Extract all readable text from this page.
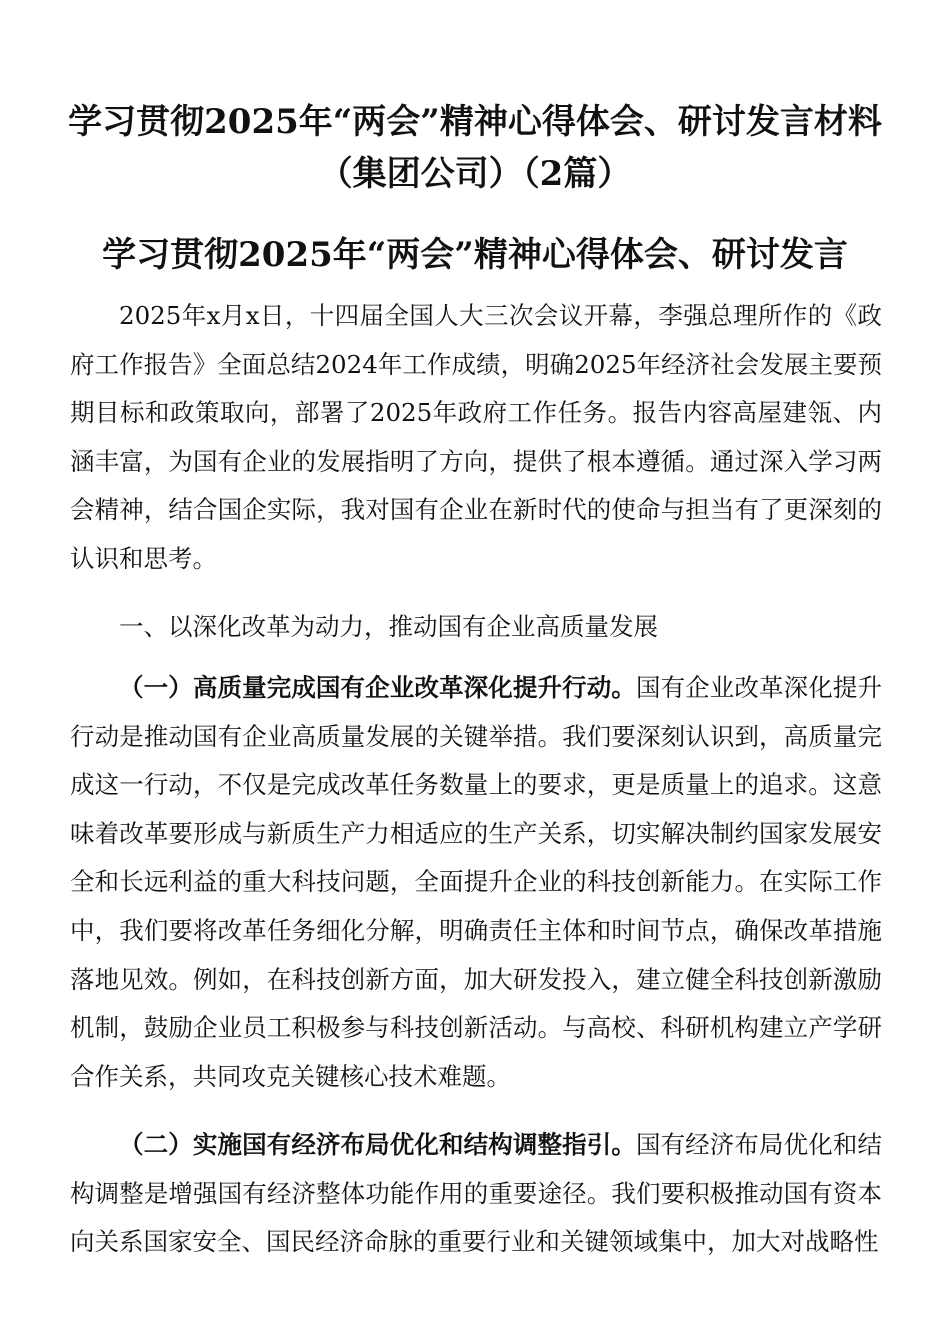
学习贯彻2025年“两会”精神心得体会、研讨发言材料
（集团公司）（2篇）
学习贯彻2025年“两会”精神心得体会、研讨发言

2025年x月x日，十四届全国人大三次会议开幕，李强总理所作的《政府工作报告》全面总结2024年工作成绩，明确2025年经济社会发展主要预期目标和政策取向，部署了2025年政府工作任务。报告内容高屋建瓴、内涵丰富，为国有企业的发展指明了方向，提供了根本遵循。通过深入学习两会精神，结合国企实际，我对国有企业在新时代的使命与担当有了更深刻的认识和思考。

一、以深化改革为动力，推动国有企业高质量发展

（一）高质量完成国有企业改革深化提升行动。国有企业改革深化提升行动是推动国有企业高质量发展的关键举措。我们要深刻认识到，高质量完成这一行动，不仅是完成改革任务数量上的要求，更是质量上的追求。这意味着改革要形成与新质生产力相适应的生产关系，切实解决制约国家发展安全和长远利益的重大科技问题，全面提升企业的科技创新能力。在实际工作中，我们要将改革任务细化分解，明确责任主体和时间节点，确保改革措施落地见效。例如，在科技创新方面，加大研发投入，建立健全科技创新激励机制，鼓励企业员工积极参与科技创新活动。与高校、科研机构建立产学研合作关系，共同攻克关键核心技术难题。

（二）实施国有经济布局优化和结构调整指引。国有经济布局优化和结构调整是增强国有经济整体功能作用的重要途径。我们要积极推动国有资本向关系国家安全、国民经济命脉的重要行业和关键领域集中，加大对战略性
